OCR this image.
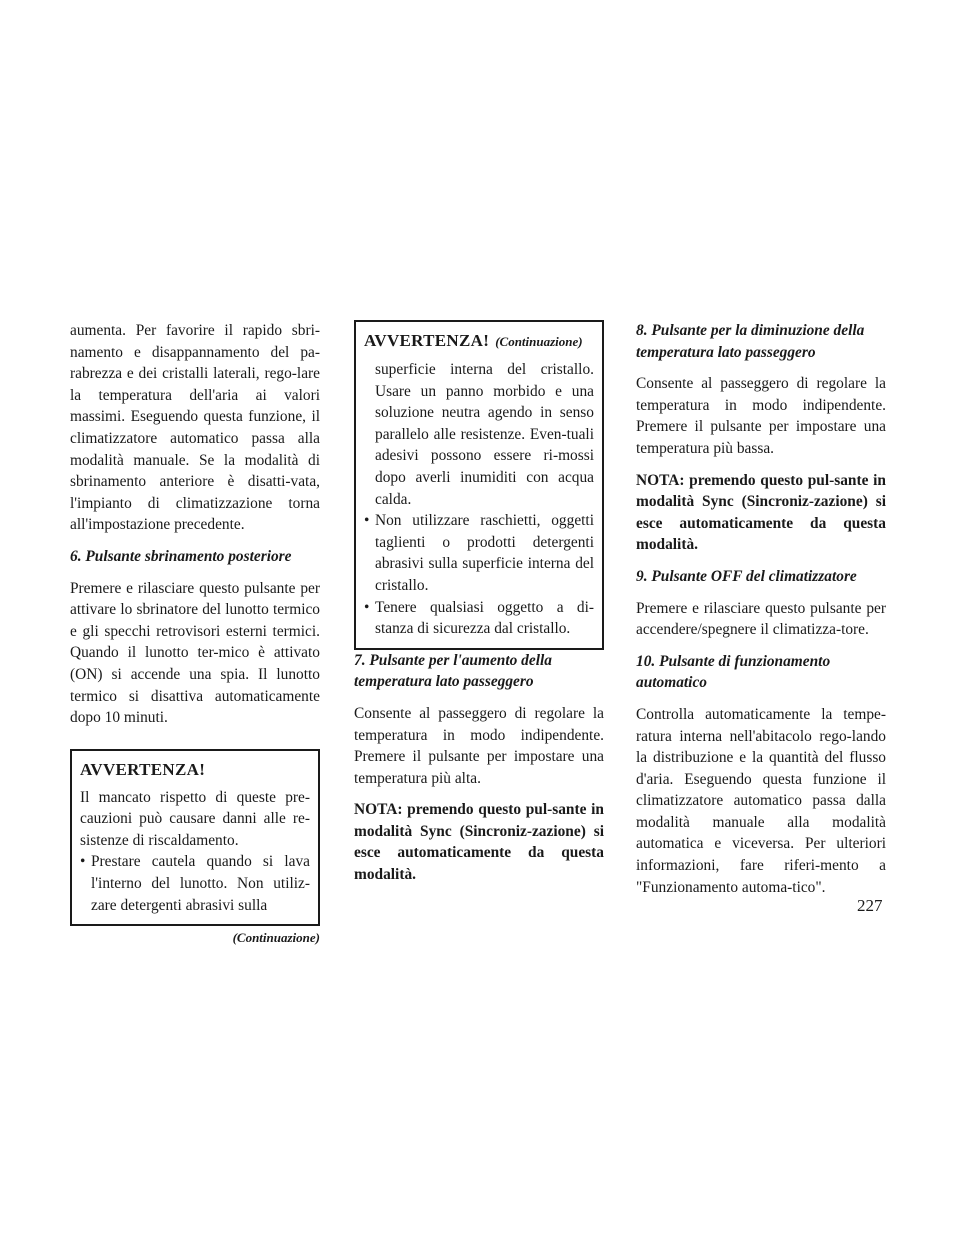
aumenta. Per favorire il rapido sbri-namento e disappannamento del pa-rabrezza e dei cristalli laterali, rego-lare la temperatura dell'aria ai valori massimi. Eseguendo questa funzione, il climatizzatore automatico passa alla modalità manuale. Se la modalità di sbrinamento anteriore è disatti-vata, l'impianto di climatizzazione torna all'impostazione precedente.

6. Pulsante sbrinamento posteriore

Premere e rilasciare questo pulsante per attivare lo sbrinatore del lunotto termico e gli specchi retrovisori esterni termici. Quando il lunotto ter-mico è attivato (ON) si accende una spia. Il lunotto termico si disattiva automaticamente dopo 10 minuti.

AVVERTENZA!

Il mancato rispetto di queste pre-cauzioni può causare danni alle re-sistenze di riscaldamento.

• Prestare cautela quando si lava l'interno del lunotto. Non utiliz-zare detergenti abrasivi sulla
(Continuazione)
AVVERTENZA! (Continuazione)

superficie interna del cristallo. Usare un panno morbido e una soluzione neutra agendo in senso parallelo alle resistenze. Even-tuali adesivi possono essere ri-mossi dopo averli inumiditi con acqua calda.

• Non utilizzare raschietti, oggetti taglienti o prodotti detergenti abrasivi sulla superficie interna del cristallo.
• Tenere qualsiasi oggetto a di-stanza di sicurezza dal cristallo.
7. Pulsante per l'aumento della temperatura lato passeggero

Consente al passeggero di regolare la temperatura in modo indipendente. Premere il pulsante per impostare una temperatura più alta.

NOTA: premendo questo pul-sante in modalità Sync (Sincroniz-zazione) si esce automaticamente da questa modalità.

8. Pulsante per la diminuzione della temperatura lato passeggero

Consente al passeggero di regolare la temperatura in modo indipendente. Premere il pulsante per impostare una temperatura più bassa.

NOTA: premendo questo pul-sante in modalità Sync (Sincroniz-zazione) si esce automaticamente da questa modalità.

9. Pulsante OFF del climatizzatore

Premere e rilasciare questo pulsante per accendere/spegnere il climatizza-tore.

10. Pulsante di funzionamento automatico

Controlla automaticamente la tempe-ratura interna nell'abitacolo rego-lando la distribuzione e la quantità del flusso d'aria. Eseguendo questa funzione il climatizzatore automatico passa dalla modalità manuale alla modalità automatica e viceversa. Per ulteriori informazioni, fare riferi-mento a "Funzionamento automa-tico".

227
